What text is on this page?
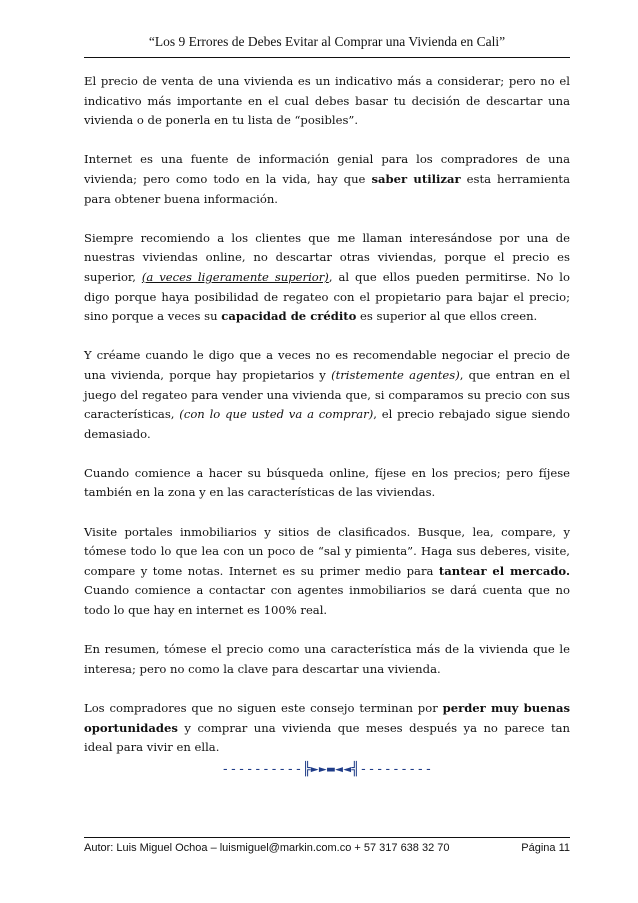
“Los 9 Errores de Debes Evitar al Comprar una Vivienda en Cali”

El precio de venta de una vivienda es un indicativo más a considerar; pero no el indicativo más importante en el cual debes basar tu decisión de descartar una vivienda o de ponerla en tu lista de “posibles”.

Internet es una fuente de información genial para los compradores de una vivienda; pero como todo en la vida, hay que saber utilizar esta herramienta para obtener buena información.

Siempre recomiendo a los clientes que me llaman interesándose por una de nuestras viviendas online, no descartar otras viviendas, porque el precio es superior, (a veces ligeramente superior), al que ellos pueden permitirse. No lo digo porque haya posibilidad de regateo con el propietario para bajar el precio; sino porque a veces su capacidad de crédito es superior al que ellos creen.

Y créame cuando le digo que a veces no es recomendable negociar el precio de una vivienda, porque hay propietarios y (tristemente agentes), que entran en el juego del regateo para vender una vivienda que, si comparamos su precio con sus características, (con lo que usted va a comprar), el precio rebajado sigue siendo demasiado.

Cuando comience a hacer su búsqueda online, fíjese en los precios; pero fíjese también en la zona y en las características de las viviendas.

Visite portales inmobiliarios y sitios de clasificados. Busque, lea, compare, y tómese todo lo que lea con un poco de “sal y pimienta”. Haga sus deberes, visite, compare y tome notas. Internet es su primer medio para tantear el mercado. Cuando comience a contactar con agentes inmobiliarios se dará cuenta que no todo lo que hay en internet es 100% real.

En resumen, tómese el precio como una característica más de la vivienda que le interesa; pero no como la clave para descartar una vivienda.

Los compradores que no siguen este consejo terminan por perder muy buenas oportunidades y comprar una vivienda que meses después ya no parece tan ideal para vivir en ella.

----------╠►►▬◄◄╣---------
Autor: Luis Miguel Ochoa – luismiguel@markin.com.co + 57 317 638 32 70	Página 11
